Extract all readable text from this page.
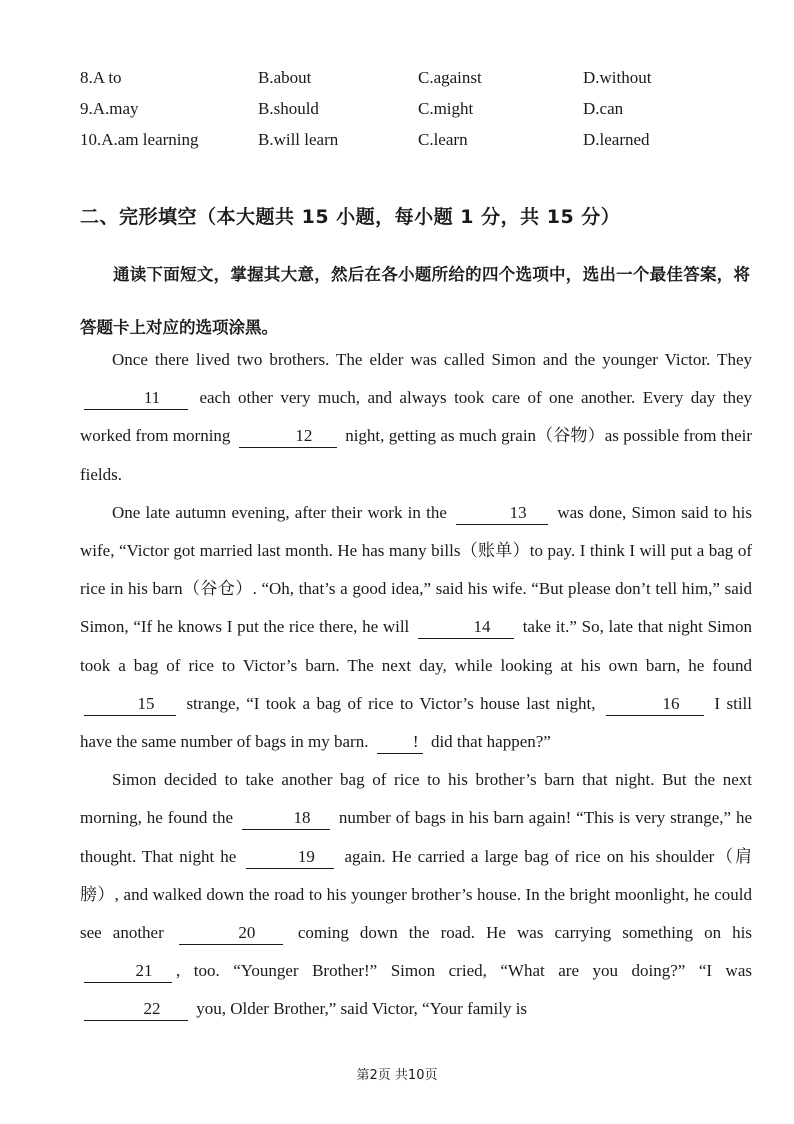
8.A to	B.about	C.against	D.without
9.A.may	B.should	C.might	D.can
10.A.am learning	B.will learn	C.learn	D.learned
二、完形填空（本大题共 15 小题，每小题 1 分，共 15 分）
通读下面短文，掌握其大意，然后在各小题所给的四个选项中，选出一个最佳答案，将答题卡上对应的选项涂黑。

Once there lived two brothers. The elder was called Simon and the younger Victor. They 11 each other very much, and always took care of one another. Every day they worked from morning	12 night, getting as much grain（谷物）as possible from their fields.

One late autumn evening, after their work in the	13 was done, Simon said to his wife, “Victor got married last month. He has many bills（账单）to pay. I think I will put a bag of rice in his barn（谷仓）. “Oh, that’s a good idea,” said his wife. “But please don’t tell him,” said Simon, “If he knows I put the rice there, he will	14 take it.” So, late that night Simon took a bag of rice to Victor’s barn. The next day, while looking at his own barn, he found 15 strange, “I took a bag of rice to Victor’s house last night,	16 I still have the same number of bags in my barn.	! did that happen?”

Simon decided to take another bag of rice to his brother’s barn that night. But the next morning, he found the	18 number of bags in his barn again! “This is very strange,” he thought. That night he	19 again. He carried a large bag of rice on his shoulder（肩膀）, and walked down the road to his younger brother’s house. In the bright moonlight, he could see another	20	coming down the road. He was carrying something on his 21 , too. “Younger Brother!” Simon cried, “What are you doing?” “I was 22 you, Older Brother,” said Victor, “Your family is

第2页 共10页
